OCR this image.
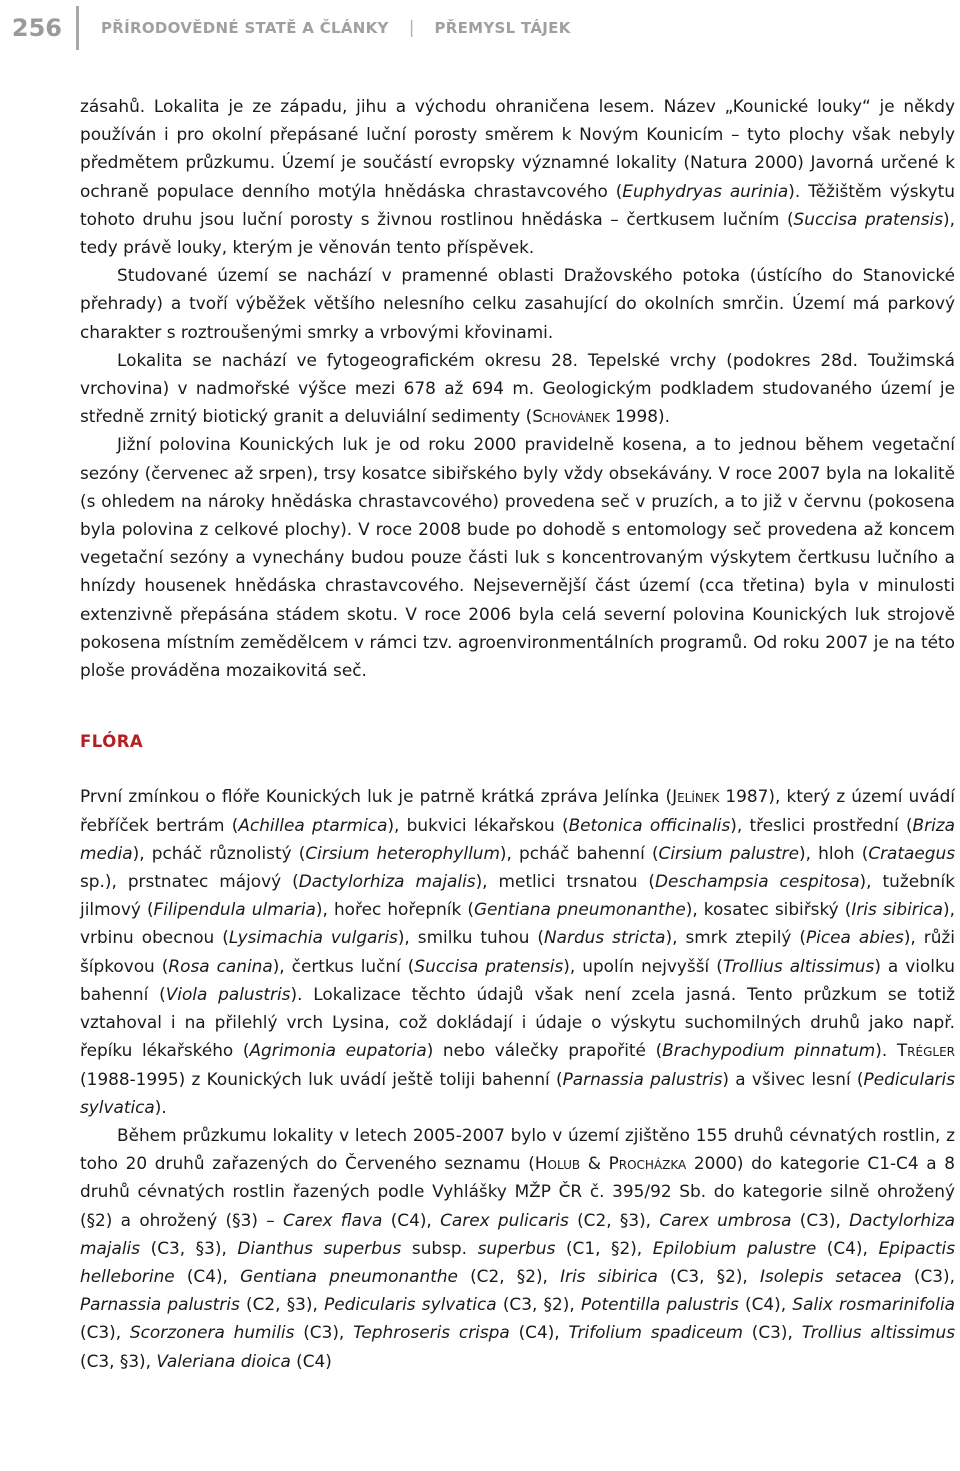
256	PŘÍRODOVĚDNÉ STATĚ A ČLÁNKY | PŘEMYSL TÁJEK

zásahů. Lokalita je ze západu, jihu a východu ohraničena lesem. Název „Kounické louky“ je někdy používán i pro okolní přepásané luční porosty směrem k Novým Kounicím – tyto plochy však nebyly předmětem průzkumu. Území je součástí evropsky významné lokality (Natura 2000) Javorná určené k ochraně populace denního motýla hnědáska chrastavcového (Euphydryas aurinia). Těžištěm výskytu tohoto druhu jsou luční porosty s živnou rostlinou hnědáska – čertkusem lučním (Succisa pratensis), tedy právě louky, kterým je věnován tento příspěvek.

Studované území se nachází v pramenné oblasti Dražovského potoka (ústícího do Stanovické přehrady) a tvoří výběžek většího nelesního celku zasahující do okolních smrčin. Území má parkový charakter s roztroušenými smrky a vrbovými křovinami.

Lokalita se nachází ve fytogeografickém okresu 28. Tepelské vrchy (podokres 28d. Toužimská vrchovina) v nadmořské výšce mezi 678 až 694 m. Geologickým podkladem studovaného území je středně zrnitý biotický granit a deluviální sedimenty (Schovánek 1998).

Jižní polovina Kounických luk je od roku 2000 pravidelně kosena, a to jednou během vegetační sezóny (červenec až srpen), trsy kosatce sibiřského byly vždy obsekávány. V roce 2007 byla na lokalitě (s ohledem na nároky hnědáska chrastavcového) provedena seč v pruzích, a to již v červnu (pokosena byla polovina z celkové plochy). V roce 2008 bude po dohodě s entomology seč provedena až koncem vegetační sezóny a vynechány budou pouze části luk s koncentrovaným výskytem čertkusu lučního a hnízdy housenek hnědáska chrastavcového. Nejsevernější část území (cca třetina) byla v minulosti extenzivně přepásána stádem skotu. V roce 2006 byla celá severní polovina Kounických luk strojově pokosena místním zemědělcem v rámci tzv. agroenvironmentálních programů. Od roku 2007 je na této ploše prováděna mozaikovitá seč.

FLÓRA

První zmínkou o flóře Kounických luk je patrně krátká zpráva Jelínka (Jelínek 1987), který z území uvádí řebříček bertrám (Achillea ptarmica), bukvici lékařskou (Betonica officinalis), třeslici prostřední (Briza media), pcháč různolistý (Cirsium heterophyllum), pcháč bahenní (Cirsium palustre), hloh (Crataegus sp.), prstnatec májový (Dactylorhiza majalis), metlici trsnatou (Deschampsia cespitosa), tužebník jilmový (Filipendula ulmaria), hořec hořepník (Gentiana pneumonanthe), kosatec sibiřský (Iris sibirica), vrbinu obecnou (Lysimachia vulgaris), smilku tuhou (Nardus stricta), smrk ztepilý (Picea abies), růži šípkovou (Rosa canina), čertkus luční (Succisa pratensis), upolín nejvyšší (Trollius altissimus) a violku bahenní (Viola palustris). Lokalizace těchto údajů však není zcela jasná. Tento průzkum se totiž vztahoval i na přilehlý vrch Lysina, což dokládají i údaje o výskytu suchomilných druhů jako např. řepíku lékařského (Agrimonia eupatoria) nebo válečky prapořité (Brachypodium pinnatum). Trégler (1988-1995) z Kounických luk uvádí ještě toliji bahenní (Parnassia palustris) a všivec lesní (Pedicularis sylvatica).

Během průzkumu lokality v letech 2005-2007 bylo v území zjištěno 155 druhů cévnatých rostlin, z toho 20 druhů zařazených do Červeného seznamu (Holub & Procházka 2000) do kategorie C1-C4 a 8 druhů cévnatých rostlin řazených podle Vyhlášky MŽP ČR č. 395/92 Sb. do kategorie silně ohrožený (§2) a ohrožený (§3) – Carex flava (C4), Carex pulicaris (C2, §3), Carex umbrosa (C3), Dactylorhiza majalis (C3, §3), Dianthus superbus subsp. superbus (C1, §2), Epilobium palustre (C4), Epipactis helleborine (C4), Gentiana pneumonanthe (C2, §2), Iris sibirica (C3, §2), Isolepis setacea (C3), Parnassia palustris (C2, §3), Pedicularis sylvatica (C3, §2), Potentilla palustris (C4), Salix rosmarinifolia (C3), Scorzonera humilis (C3), Tephroseris crispa (C4), Trifolium spadiceum (C3), Trollius altissimus (C3, §3), Valeriana dioica (C4)
